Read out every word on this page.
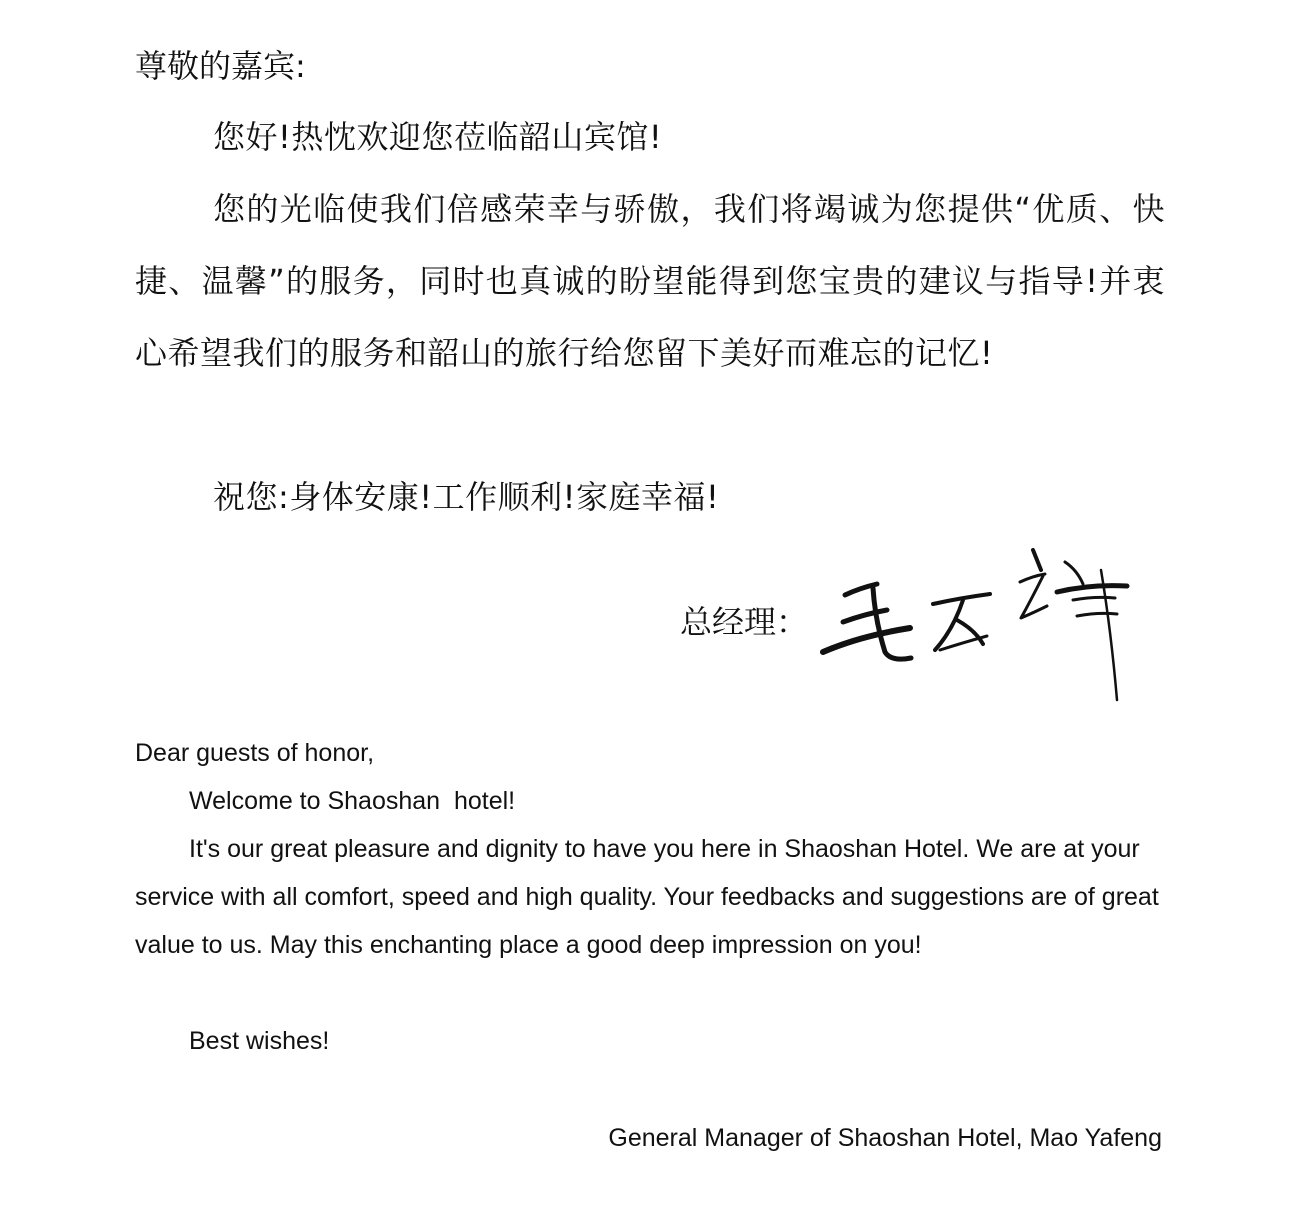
尊敬的嘉宾:

您好!热忱欢迎您莅临韶山宾馆!

您的光临使我们倍感荣幸与骄傲，我们将竭诚为您提供“优质、快捷、温馨”的服务，同时也真诚的盼望能得到您宝贵的建议与指导!并衷心希望我们的服务和韶山的旅行给您留下美好而难忘的记忆!

祝您:身体安康!工作顺利!家庭幸福!

总经理：

Dear guests of honor,

Welcome to Shaoshan  hotel!

It's our great pleasure and dignity to have you here in Shaoshan Hotel. We are at your service with all comfort, speed and high quality. Your feedbacks and suggestions are of great value to us. May this enchanting place a good deep impression on you!

Best wishes!

General Manager of Shaoshan Hotel, Mao Yafeng
